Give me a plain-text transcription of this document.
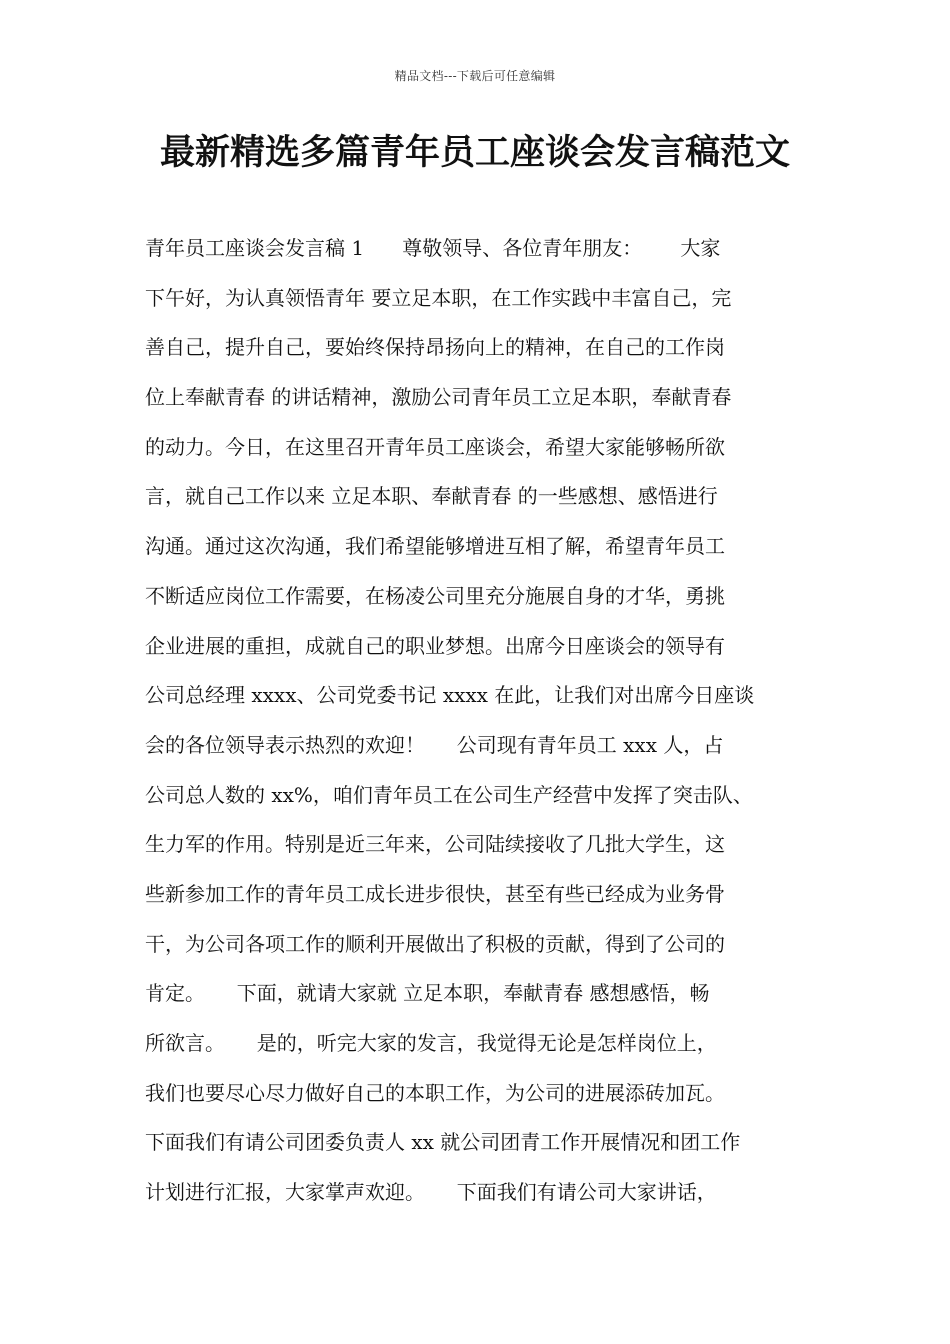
精品文档---下载后可任意编辑
最新精选多篇青年员工座谈会发言稿范文
青年员工座谈会发言稿 1      尊敬领导、各位青年朋友：      大家
下午好，为认真领悟青年 要立足本职，在工作实践中丰富自己，完
善自己，提升自己，要始终保持昂扬向上的精神，在自己的工作岗
位上奉献青春 的讲话精神，激励公司青年员工立足本职，奉献青春
的动力。今日，在这里召开青年员工座谈会，希望大家能够畅所欲
言，就自己工作以来 立足本职、奉献青春 的一些感想、感悟进行
沟通。通过这次沟通，我们希望能够增进互相了解，希望青年员工
不断适应岗位工作需要，在杨凌公司里充分施展自身的才华，勇挑
企业进展的重担，成就自己的职业梦想。出席今日座谈会的领导有
公司总经理 xxxx、公司党委书记 xxxx 在此，让我们对出席今日座谈
会的各位领导表示热烈的欢迎！     公司现有青年员工 xxx 人，占
公司总人数的 xx%，咱们青年员工在公司生产经营中发挥了突击队、
生力军的作用。特别是近三年来，公司陆续接收了几批大学生，这
些新参加工作的青年员工成长进步很快，甚至有些已经成为业务骨
干，为公司各项工作的顺利开展做出了积极的贡献，得到了公司的
肯定。     下面，就请大家就 立足本职，奉献青春 感想感悟，畅
所欲言。     是的，听完大家的发言，我觉得无论是怎样岗位上，
我们也要尽心尽力做好自己的本职工作，为公司的进展添砖加瓦。
下面我们有请公司团委负责人 xx 就公司团青工作开展情况和团工作
计划进行汇报，大家掌声欢迎。     下面我们有请公司大家讲话，
